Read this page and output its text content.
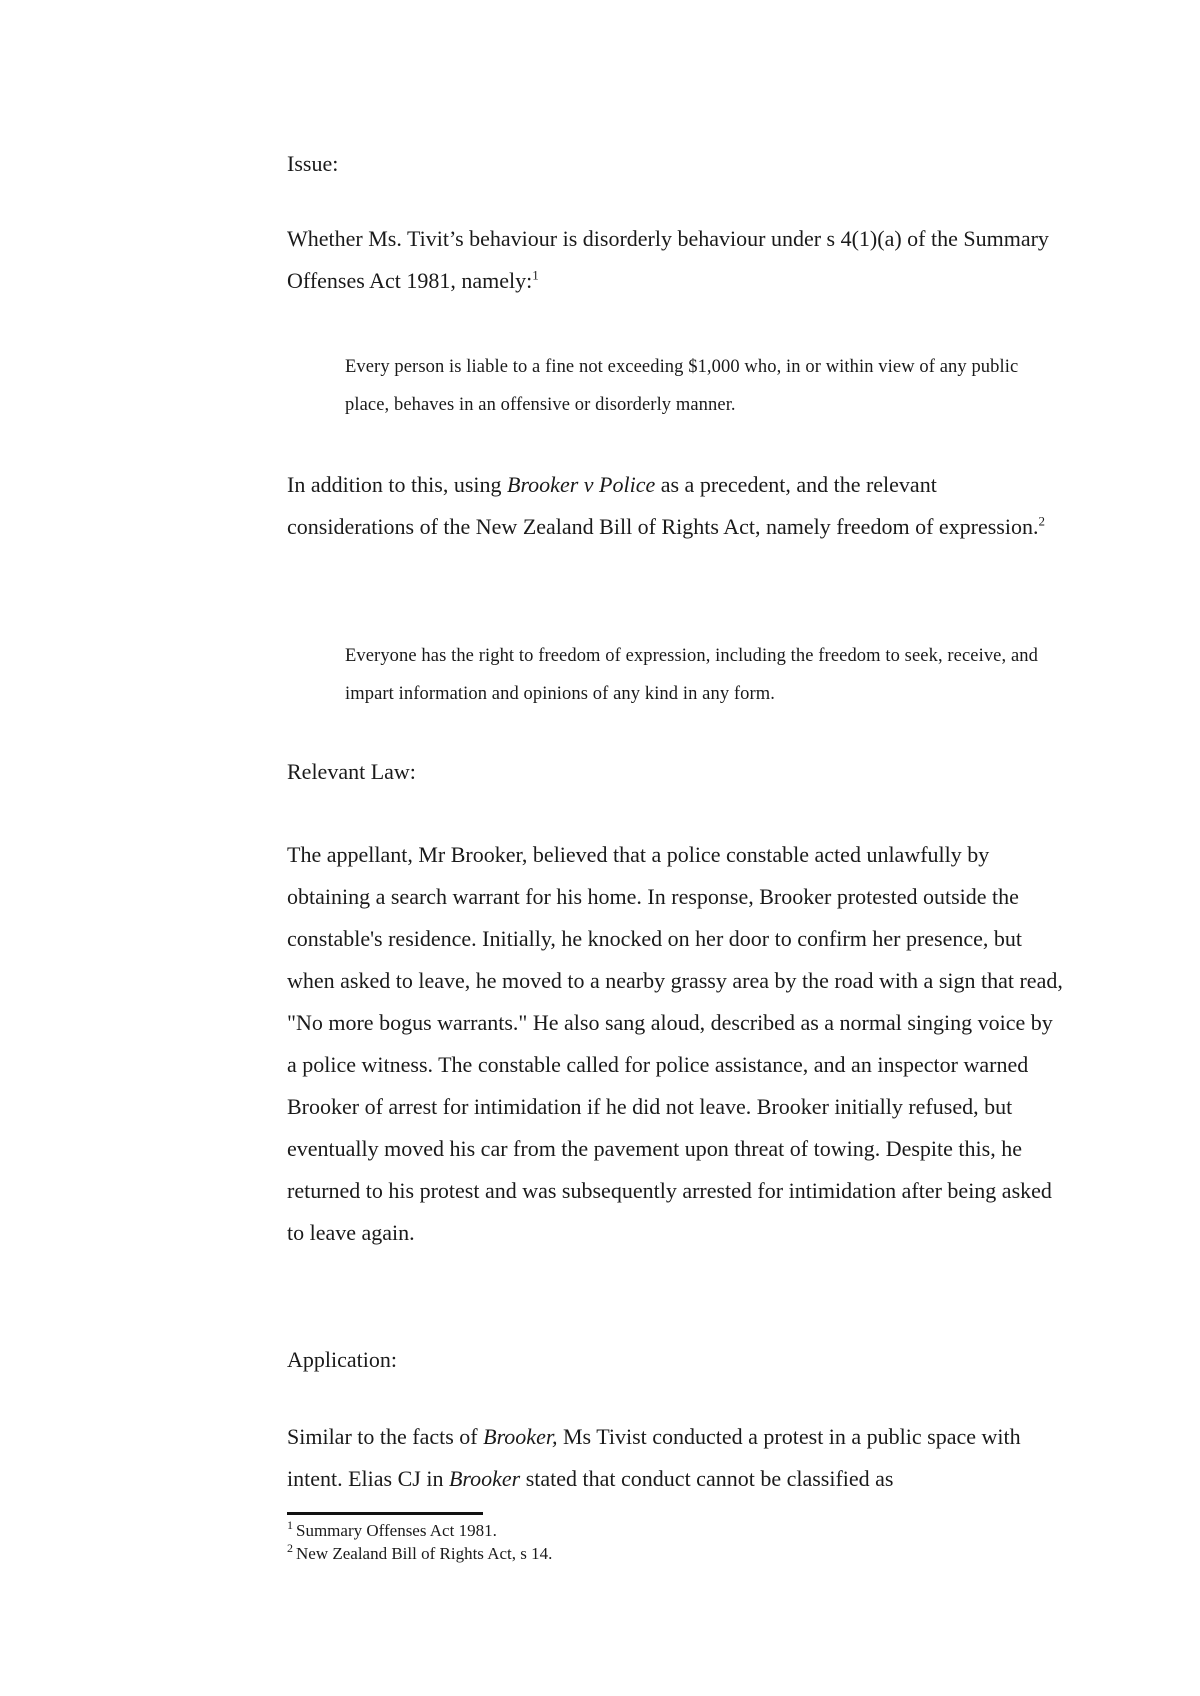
Issue:

Whether Ms. Tivit’s behaviour is disorderly behaviour under s 4(1)(a) of the Summary Offenses Act 1981, namely:$^1$

Every person is liable to a fine not exceeding $1,000 who, in or within view of any public place, behaves in an offensive or disorderly manner.

In addition to this, using Brooker v Police as a precedent, and the relevant considerations of the New Zealand Bill of Rights Act, namely freedom of expression.$^2$

Everyone has the right to freedom of expression, including the freedom to seek, receive, and impart information and opinions of any kind in any form.

Relevant Law:

The appellant, Mr Brooker, believed that a police constable acted unlawfully by obtaining a search warrant for his home. In response, Brooker protested outside the constable's residence. Initially, he knocked on her door to confirm her presence, but when asked to leave, he moved to a nearby grassy area by the road with a sign that read, "No more bogus warrants." He also sang aloud, described as a normal singing voice by a police witness. The constable called for police assistance, and an inspector warned Brooker of arrest for intimidation if he did not leave. Brooker initially refused, but eventually moved his car from the pavement upon threat of towing. Despite this, he returned to his protest and was subsequently arrested for intimidation after being asked to leave again.

Application:

Similar to the facts of Brooker, Ms Tivist conducted a protest in a public space with intent. Elias CJ in Brooker stated that conduct cannot be classified as

$^1$ Summary Offenses Act 1981.
$^2$ New Zealand Bill of Rights Act, s 14.
